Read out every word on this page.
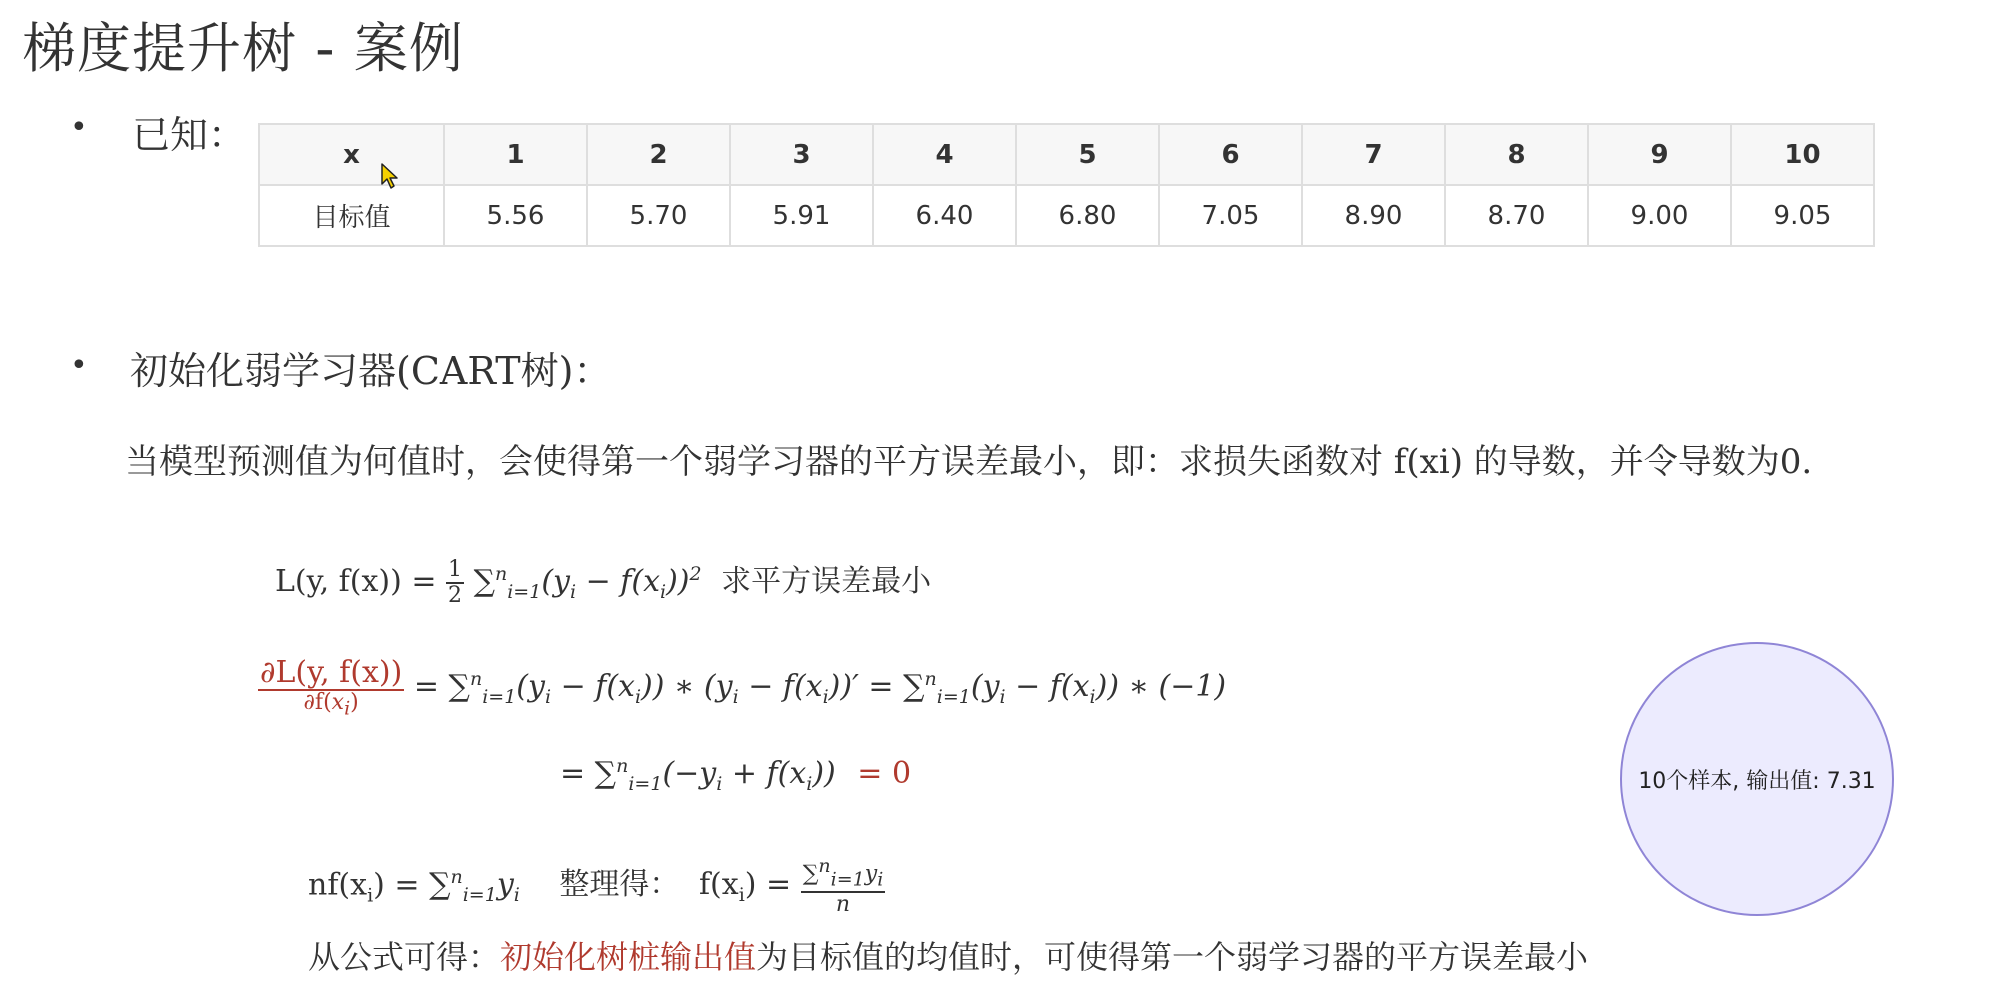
梯度提升树 - 案例
• 已知：	x	1	2	3	4	5	6	7	8	9	10
目标值	5.56	5.70	5.91	6.40	6.80	7.05	8.90	8.70	9.00	9.05
• 初始化弱学习器(CART树)：
当模型预测值为何值时，会使得第一个弱学习器的平方误差最小，即：求损失函数对 f(xi) 的导数，并令导数为0.
L(y, $f(x)) = \frac{1}{2} \sum^n_{i=1}(y_i - f(x_i))^2$ 求平方误差最小
$\frac{\partial L(y, f(x))}{\partial f(x_i)} = \sum^n_{i=1}(y_i - f(x_i))$ ∗ $(y_i - f(x_i))' = \sum^n_{i=1}(y_i - f(x_i))$ ∗ (−1)
= $\sum^n_{i=1}(-y_i + f(x_i)) = 0$
$nf(x_i) = \sum^n_{i=1}y_i$ 整理得： $f(x_i) = \frac{\sum^n_{i=1}y_i}{n}$
从公式可得：初始化树桩输出值为目标值的均值时，可使得第一个弱学习器的平方误差最小
10个样本, 输出值: 7.31
